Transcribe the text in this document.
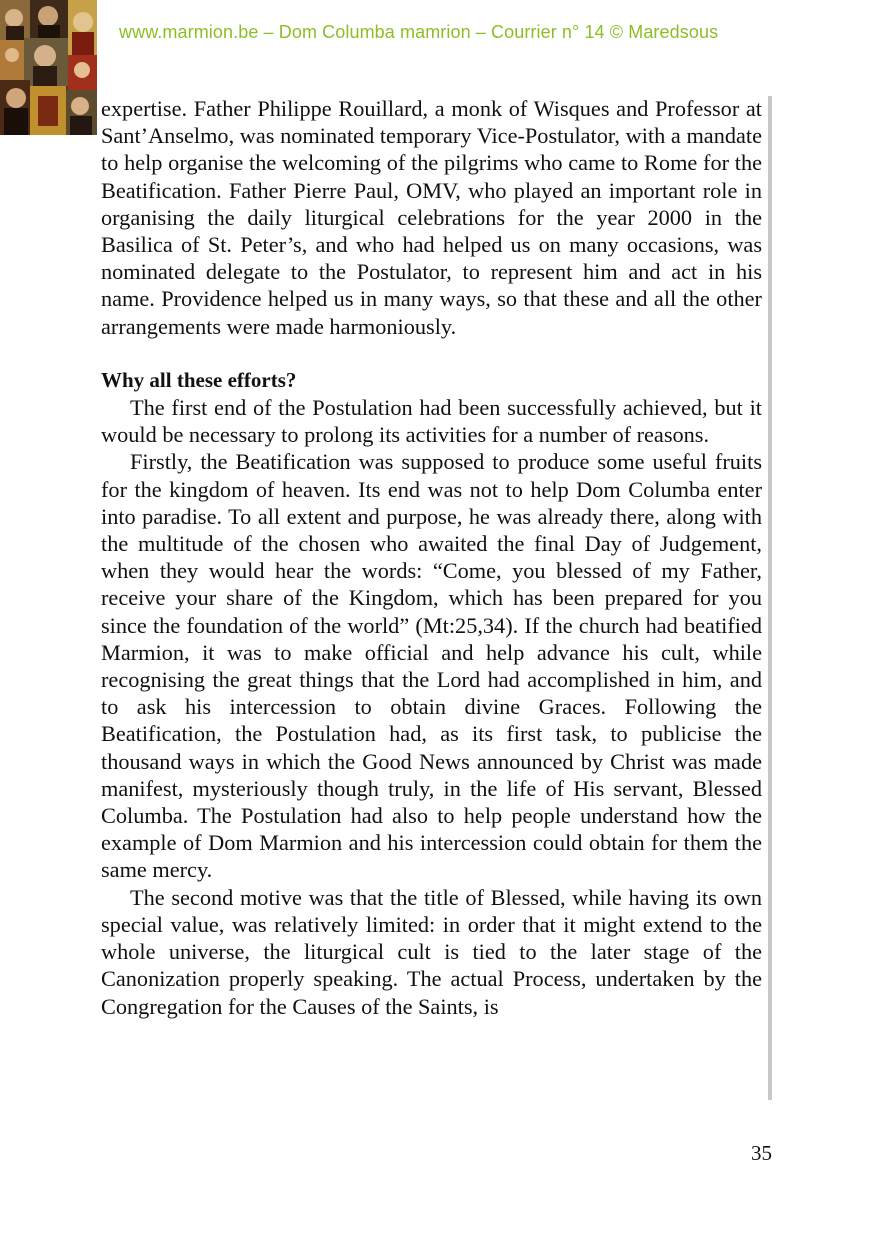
www.marmion.be – Dom Columba mamrion – Courrier n° 14 © Maredsous

expertise. Father Philippe Rouillard, a monk of Wisques and Professor at Sant’Anselmo, was nominated temporary Vice-Postulator, with a mandate to help organise the welcoming of the pilgrims who came to Rome for the Beatification. Father Pierre Paul, OMV, who played an important role in organising the daily liturgical celebrations for the year 2000 in the Basilica of St. Peter’s, and who had helped us on many occasions, was nominated delegate to the Postulator, to represent him and act in his name. Providence helped us in many ways, so that these and all the other arrangements were made harmoniously.

Why all these efforts?

The first end of the Postulation had been successfully achieved, but it would be necessary to prolong its activities for a number of reasons.

Firstly, the Beatification was supposed to produce some useful fruits for the kingdom of heaven. Its end was not to help Dom Columba enter into paradise. To all extent and purpose, he was already there, along with the multitude of the chosen who awaited the final Day of Judgement, when they would hear the words: “Come, you blessed of my Father, receive your share of the Kingdom, which has been prepared for you since the foundation of the world” (Mt:25,34). If the church had beatified Marmion, it was to make official and help advance his cult, while recognising the great things that the Lord had accomplished in him, and to ask his intercession to obtain divine Graces. Following the Beatification, the Postulation had, as its first task, to publicise the thousand ways in which the Good News announced by Christ was made manifest, mysteriously though truly, in the life of His servant, Blessed Columba. The Postulation had also to help people understand how the example of Dom Marmion and his intercession could obtain for them the same mercy.

The second motive was that the title of Blessed, while having its own special value, was relatively limited: in order that it might extend to the whole universe, the liturgical cult is tied to the later stage of the Canonization properly speaking. The actual Process, undertaken by the Congregation for the Causes of the Saints, is

35
